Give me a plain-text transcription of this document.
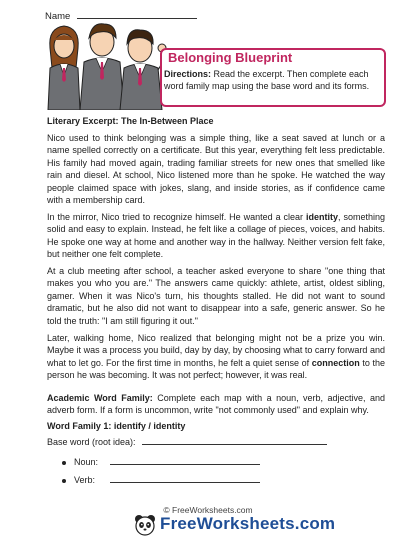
Name
Belonging Blueprint
Directions: Read the excerpt. Then complete each word family map using the base word and its forms.
Literary Excerpt: The In-Between Place

Nico used to think belonging was a simple thing, like a seat saved at lunch or a name spelled correctly on a certificate. But this year, everything felt less predictable. His family had moved again, trading familiar streets for new ones that smelled like rain and diesel. At school, Nico listened more than he spoke. He watched the way people claimed space with jokes, slang, and inside stories, as if confidence came with a membership card.

In the mirror, Nico tried to recognize himself. He wanted a clear identity, something solid and easy to explain. Instead, he felt like a collage of pieces, voices, and habits. He spoke one way at home and another way in the hallway. Neither version felt fake, but neither one felt complete.

At a club meeting after school, a teacher asked everyone to share "one thing that makes you who you are." The answers came quickly: athlete, artist, oldest sibling, gamer. When it was Nico's turn, his thoughts stalled. He did not want to sound dramatic, but he also did not want to disappear into a safe, generic answer. So he told the truth: "I am still figuring it out."

Later, walking home, Nico realized that belonging might not be a prize you win. Maybe it was a process you build, day by day, by choosing what to carry forward and what to let go. For the first time in months, he felt a quiet sense of connection to the person he was becoming. It was not perfect; however, it was real.

Academic Word Family: Complete each map with a noun, verb, adjective, and adverb form. If a form is uncommon, write "not commonly used" and explain why.

Word Family 1: identify / identity
Base word (root idea):
Noun:
Verb:
© FreeWorksheets.com
FreeWorksheets.com
